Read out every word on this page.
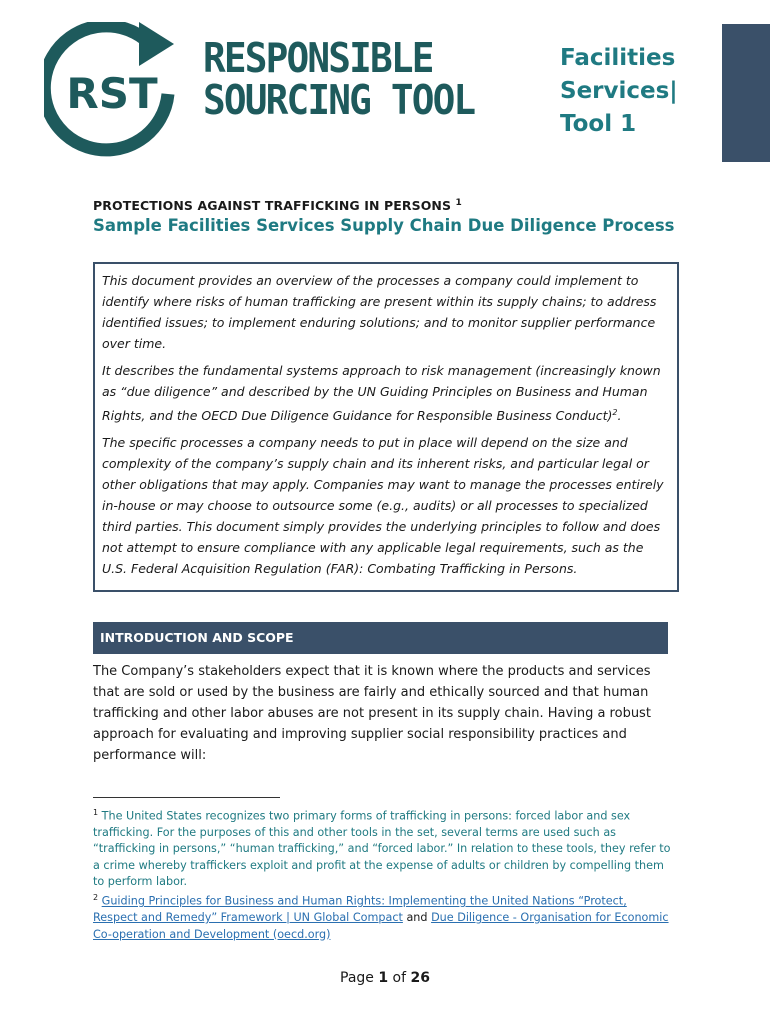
RST
RESPONSIBLE
SOURCING TOOL
Facilities
Services|
Tool 1
PROTECTIONS AGAINST TRAFFICKING IN PERSONS $^1$
Sample Facilities Services Supply Chain Due Diligence Process

This document provides an overview of the processes a company could implement to identify where risks of human trafficking are present within its supply chains; to address identified issues; to implement enduring solutions; and to monitor supplier performance over time.

It describes the fundamental systems approach to risk management (increasingly known as “due diligence” and described by the UN Guiding Principles on Business and Human Rights, and the OECD Due Diligence Guidance for Responsible Business Conduct)$^2$.

The specific processes a company needs to put in place will depend on the size and complexity of the company’s supply chain and its inherent risks, and particular legal or other obligations that may apply. Companies may want to manage the processes entirely in-house or may choose to outsource some (e.g., audits) or all processes to specialized third parties. This document simply provides the underlying principles to follow and does not attempt to ensure compliance with any applicable legal requirements, such as the U.S. Federal Acquisition Regulation (FAR): Combating Trafficking in Persons.

INTRODUCTION AND SCOPE

The Company’s stakeholders expect that it is known where the products and services that are sold or used by the business are fairly and ethically sourced and that human trafficking and other labor abuses are not present in its supply chain. Having a robust approach for evaluating and improving supplier social responsibility practices and performance will:

$^1$ The United States recognizes two primary forms of trafficking in persons: forced labor and sex trafficking. For the purposes of this and other tools in the set, several terms are used such as “trafficking in persons,” “human trafficking,” and “forced labor.” In relation to these tools, they refer to a crime whereby traffickers exploit and profit at the expense of adults or children by compelling them to perform labor.

$^2$ Guiding Principles for Business and Human Rights: Implementing the United Nations “Protect, Respect and Remedy” Framework | UN Global Compact and Due Diligence - Organisation for Economic Co-operation and Development (oecd.org)

Page 1 of 26
